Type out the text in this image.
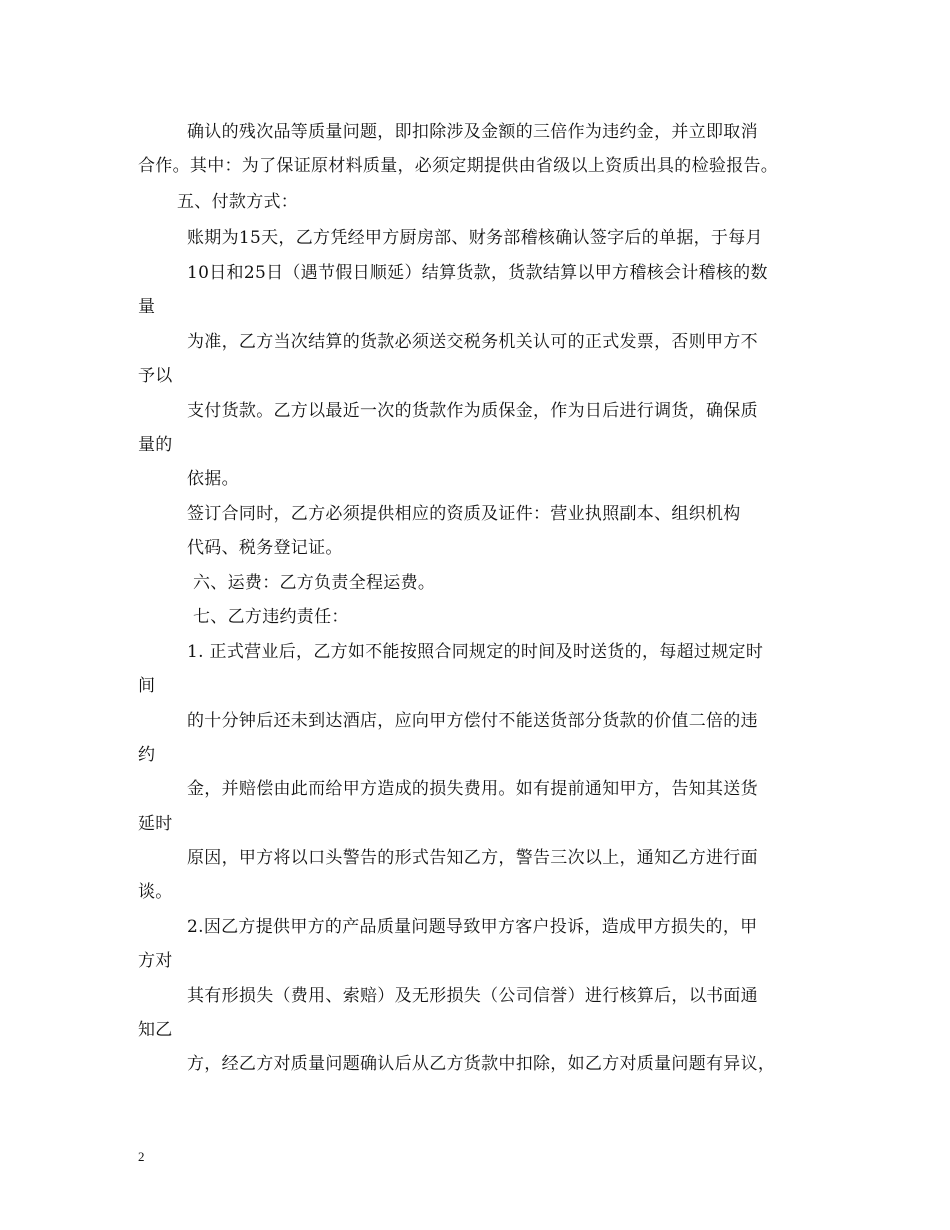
确认的残次品等质量问题，即扣除涉及金额的三倍作为违约金，并立即取消
合作。其中：为了保证原材料质量，必须定期提供由省级以上资质出具的检验报告。
五、付款方式：
账期为15天，乙方凭经甲方厨房部、财务部稽核确认签字后的单据，于每月
10日和25日（遇节假日顺延）结算货款，货款结算以甲方稽核会计稽核的数
量
为准，乙方当次结算的货款必须送交税务机关认可的正式发票，否则甲方不
予以
支付货款。乙方以最近一次的货款作为质保金，作为日后进行调货，确保质
量的
依据。
签订合同时，乙方必须提供相应的资质及证件：营业执照副本、组织机构
代码、税务登记证。
六、运费：乙方负责全程运费。
七、乙方违约责任：
1. 正式营业后，乙方如不能按照合同规定的时间及时送货的，每超过规定时
间
的十分钟后还未到达酒店，应向甲方偿付不能送货部分货款的价值二倍的违
约
金，并赔偿由此而给甲方造成的损失费用。如有提前通知甲方，告知其送货
延时
原因，甲方将以口头警告的形式告知乙方，警告三次以上，通知乙方进行面
谈。
2.因乙方提供甲方的产品质量问题导致甲方客户投诉，造成甲方损失的，甲
方对
其有形损失（费用、索赔）及无形损失（公司信誉）进行核算后，以书面通
知乙
方，经乙方对质量问题确认后从乙方货款中扣除，如乙方对质量问题有异议，
2
